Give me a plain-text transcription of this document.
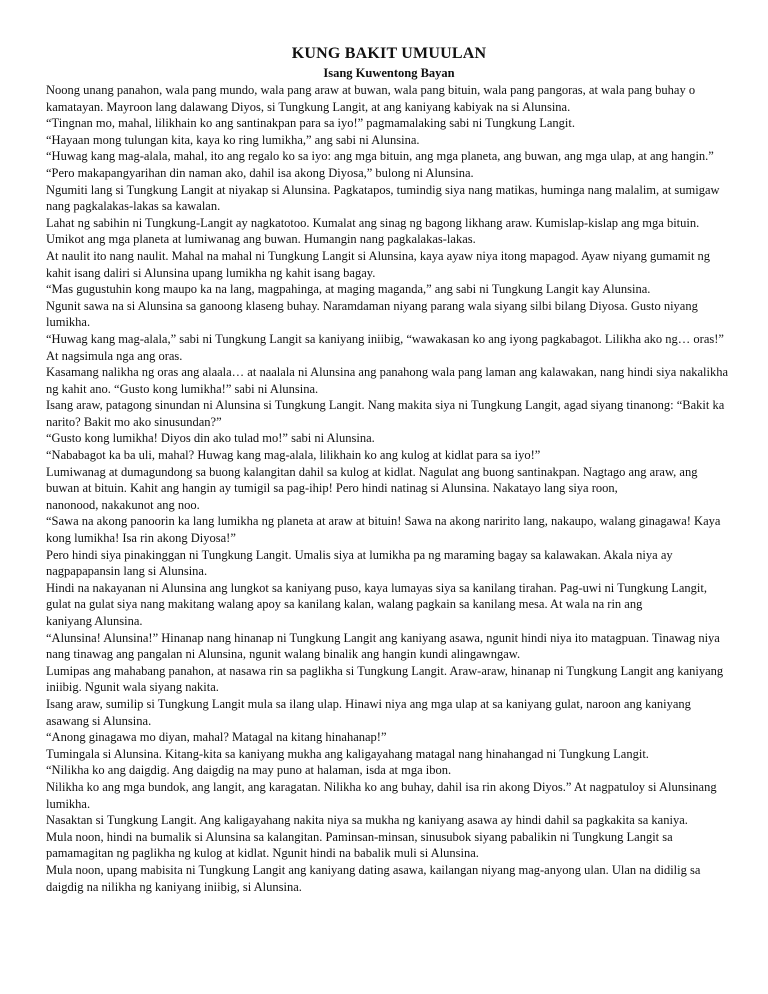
KUNG BAKIT UMUULAN
Isang Kuwentong Bayan

Noong unang panahon, wala pang mundo, wala pang araw at buwan, wala pang bituin, wala pang pangoras, at wala pang buhay o kamatayan. Mayroon lang dalawang Diyos, si Tungkung Langit, at ang kaniyang kabiyak na si Alunsina.

“Tingnan mo, mahal, lilikhain ko ang santinakpan para sa iyo!” pagmamalaking sabi ni Tungkung Langit.

“Hayaan mong tulungan kita, kaya ko ring lumikha,” ang sabi ni Alunsina.

“Huwag kang mag-alala, mahal, ito ang regalo ko sa iyo: ang mga bituin, ang mga planeta, ang buwan, ang mga ulap, at ang hangin.”

“Pero makapangyarihan din naman ako, dahil isa akong Diyosa,” bulong ni Alunsina.

Ngumiti lang si Tungkung Langit at niyakap si Alunsina. Pagkatapos, tumindig siya nang matikas, huminga nang malalim, at sumigaw nang pagkalakas-lakas sa kawalan.

Lahat ng sabihin ni Tungkung-Langit ay nagkatotoo. Kumalat ang sinag ng bagong likhang araw. Kumislap-kislap ang mga bituin. Umikot ang mga planeta at lumiwanag ang buwan. Humangin nang pagkalakas-lakas.

At naulit ito nang naulit. Mahal na mahal ni Tungkung Langit si Alunsina, kaya ayaw niya itong mapagod. Ayaw niyang gumamit ng kahit isang daliri si Alunsina upang lumikha ng kahit isang bagay.

“Mas gugustuhin kong maupo ka na lang, magpahinga, at maging maganda,” ang sabi ni Tungkung Langit kay Alunsina.

Ngunit sawa na si Alunsina sa ganoong klaseng buhay. Naramdaman niyang parang wala siyang silbi bilang Diyosa. Gusto niyang lumikha.

“Huwag kang mag-alala,” sabi ni Tungkung Langit sa kaniyang iniibig, “wawakasan ko ang iyong pagkabagot. Lilikha ako ng… oras!” At nagsimula nga ang oras.

Kasamang nalikha ng oras ang alaala… at naalala ni Alunsina ang panahong wala pang laman ang kalawakan, nang hindi siya nakalikha ng kahit ano. “Gusto kong lumikha!” sabi ni Alunsina.

Isang araw, patagong sinundan ni Alunsina si Tungkung Langit. Nang makita siya ni Tungkung Langit, agad siyang tinanong: “Bakit ka narito? Bakit mo ako sinusundan?”

“Gusto kong lumikha! Diyos din ako tulad mo!” sabi ni Alunsina.

“Nababagot ka ba uli, mahal? Huwag kang mag-alala, lilikhain ko ang kulog at kidlat para sa iyo!”

Lumiwanag at dumagundong sa buong kalangitan dahil sa kulog at kidlat. Nagulat ang buong santinakpan. Nagtago ang araw, ang buwan at bituin. Kahit ang hangin ay tumigil sa pag-ihip! Pero hindi natinag si Alunsina. Nakatayo lang siya roon,
nanonood, nakakunot ang noo.

“Sawa na akong panoorin ka lang lumikha ng planeta at araw at bituin! Sawa na akong naririto lang, nakaupo, walang ginagawa! Kaya kong lumikha! Isa rin akong Diyosa!”

Pero hindi siya pinakinggan ni Tungkung Langit. Umalis siya at lumikha pa ng maraming bagay sa kalawakan. Akala niya ay nagpapapansin lang si Alunsina.

Hindi na nakayanan ni Alunsina ang lungkot sa kaniyang puso, kaya lumayas siya sa kanilang tirahan. Pag-uwi ni Tungkung Langit, gulat na gulat siya nang makitang walang apoy sa kanilang kalan, walang pagkain sa kanilang mesa. At wala na rin ang
kaniyang Alunsina.

“Alunsina! Alunsina!” Hinanap nang hinanap ni Tungkung Langit ang kaniyang asawa, ngunit hindi niya ito matagpuan. Tinawag niya nang tinawag ang pangalan ni Alunsina, ngunit walang binalik ang hangin kundi alingawngaw.

Lumipas ang mahabang panahon, at nasawa rin sa paglikha si Tungkung Langit. Araw-araw, hinanap ni Tungkung Langit ang kaniyang iniibig. Ngunit wala siyang nakita.

Isang araw, sumilip si Tungkung Langit mula sa ilang ulap. Hinawi niya ang mga ulap at sa kaniyang gulat, naroon ang kaniyang asawang si Alunsina.

“Anong ginagawa mo diyan, mahal? Matagal na kitang hinahanap!”

Tumingala si Alunsina. Kitang-kita sa kaniyang mukha ang kaligayahang matagal nang hinahangad ni Tungkung Langit.

“Nilikha ko ang daigdig. Ang daigdig na may puno at halaman, isda at mga ibon.

Nilikha ko ang mga bundok, ang langit, ang karagatan. Nilikha ko ang buhay, dahil isa rin akong Diyos.” At nagpatuloy si Alunsinang lumikha.

Nasaktan si Tungkung Langit. Ang kaligayahang nakita niya sa mukha ng kaniyang asawa ay hindi dahil sa pagkakita sa kaniya.

Mula noon, hindi na bumalik si Alunsina sa kalangitan. Paminsan-minsan, sinusubok siyang pabalikin ni Tungkung Langit sa pamamagitan ng paglikha ng kulog at kidlat. Ngunit hindi na babalik muli si Alunsina.

Mula noon, upang mabisita ni Tungkung Langit ang kaniyang dating asawa, kailangan niyang mag-anyong ulan. Ulan na didilig sa daigdig na nilikha ng kaniyang iniibig, si Alunsina.
